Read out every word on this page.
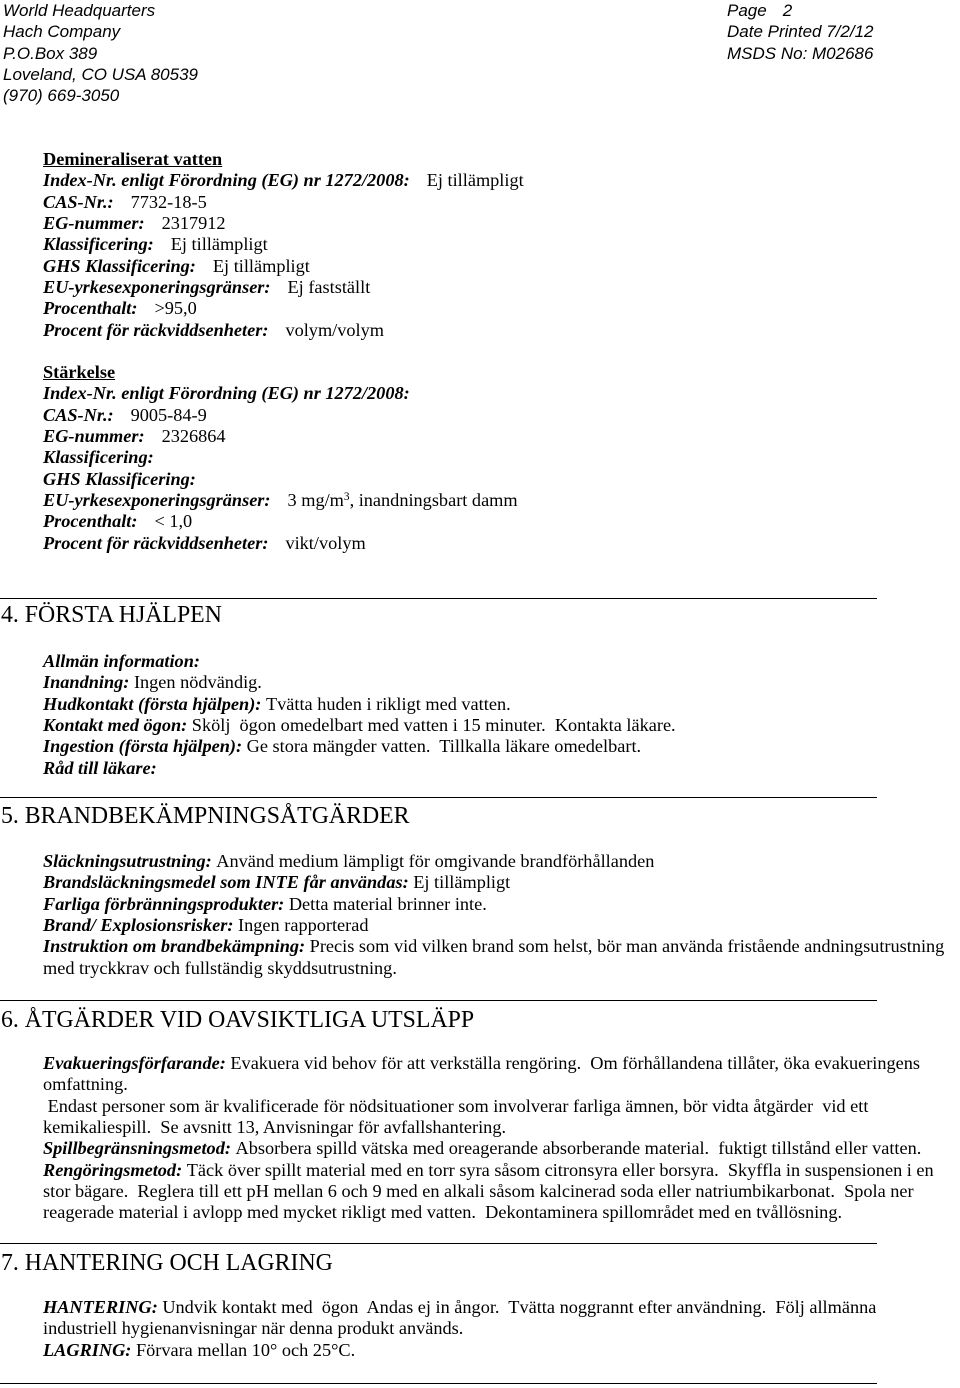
World Headquarters
Hach Company
P.O.Box 389
Loveland, CO USA 80539
(970) 669-3050
Page 2
Date Printed 7/2/12
MSDS No: M02686
Demineraliserat vatten
Index-Nr. enligt Förordning (EG) nr 1272/2008: Ej tillämpligt
CAS-Nr.: 7732-18-5
EG-nummer: 2317912
Klassificering: Ej tillämpligt
GHS Klassificering: Ej tillämpligt
EU-yrkesexponeringsgränser: Ej fastställt
Procenthalt: >95,0
Procent för räckviddsenheter: volym/volym
Stärkelse
Index-Nr. enligt Förordning (EG) nr 1272/2008:
CAS-Nr.: 9005-84-9
EG-nummer: 2326864
Klassificering:
GHS Klassificering:
EU-yrkesexponeringsgränser: 3 $mg/m^3$, inandningsbart damm
Procenthalt: < 1,0
Procent för räckviddsenheter: vikt/volym
4. FÖRSTA HJÄLPEN
Allmän information:
Inandning: Ingen nödvändig.
Hudkontakt (första hjälpen): Tvätta huden i rikligt med vatten.
Kontakt med ögon: Skölj  ögon omedelbart med vatten i 15 minuter.  Kontakta läkare.
Ingestion (första hjälpen): Ge stora mängder vatten.  Tillkalla läkare omedelbart.
Råd till läkare:
5. BRANDBEKÄMPNINGSÅTGÄRDER
Släckningsutrustning: Använd medium lämpligt för omgivande brandförhållanden
Brandsläckningsmedel som INTE får användas: Ej tillämpligt
Farliga förbränningsprodukter: Detta material brinner inte.
Brand/ Explosionsrisker: Ingen rapporterad
Instruktion om brandbekämpning: Precis som vid vilken brand som helst, bör man använda fristående andningsutrustning
med tryckkrav och fullständig skyddsutrustning.
6. ÅTGÄRDER VID OAVSIKTLIGA UTSLÄPP
Evakueringsförfarande: Evakuera vid behov för att verkställa rengöring.  Om förhållandena tillåter, öka evakueringens
omfattning.
Endast personer som är kvalificerade för nödsituationer som involverar farliga ämnen, bör vidta åtgärder  vid ett
kemikaliespill.  Se avsnitt 13, Anvisningar för avfallshantering.
Spillbegränsningsmetod: Absorbera spilld vätska med oreagerande absorberande material.  fuktigt tillstånd eller vatten.
Rengöringsmetod: Täck över spillt material med en torr syra såsom citronsyra eller borsyra.  Skyffla in suspensionen i en
stor bägare.  Reglera till ett pH mellan 6 och 9 med en alkali såsom kalcinerad soda eller natriumbikarbonat.  Spola ner
reagerade material i avlopp med mycket rikligt med vatten.  Dekontaminera spillområdet med en tvållösning.
7. HANTERING OCH LAGRING
HANTERING: Undvik kontakt med  ögon  Andas ej in ångor.  Tvätta noggrannt efter användning.  Följ allmänna
industriell hygienanvisningar när denna produkt används.
LAGRING: Förvara mellan 10° och 25°C.
